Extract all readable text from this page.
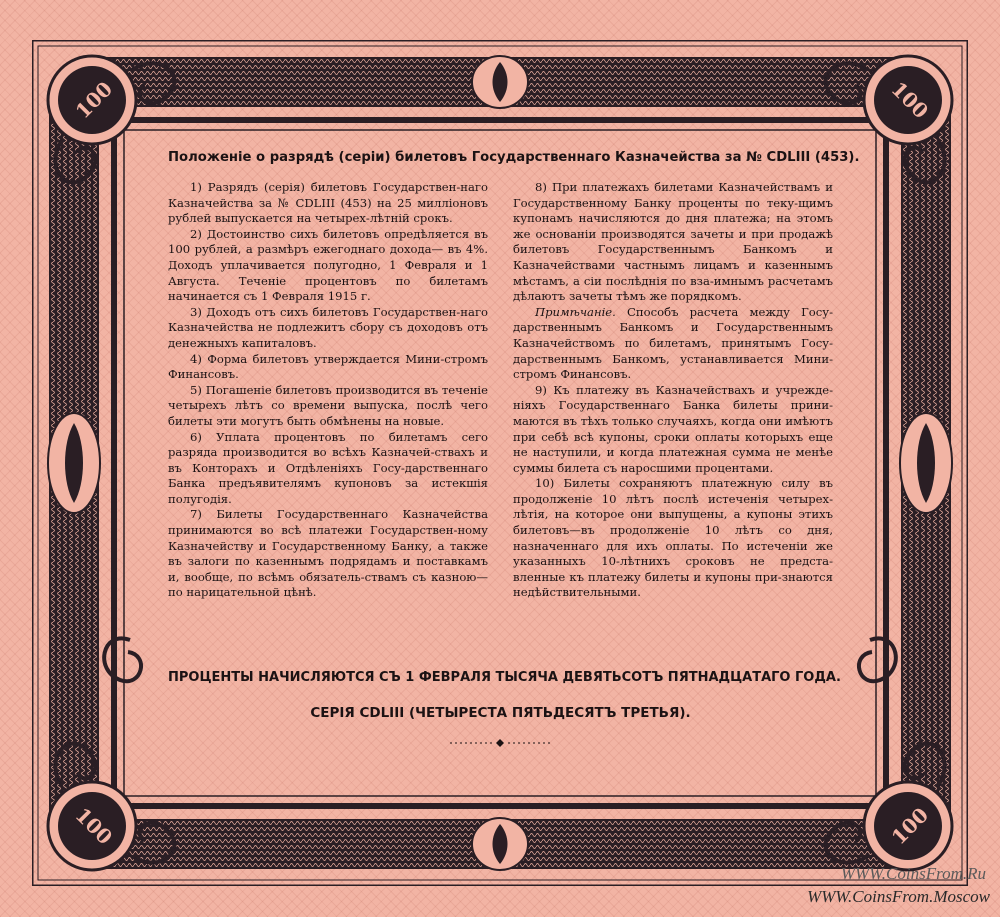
100	100
100	100
Положенiе о разрядѣ (серiи) билетовъ Государственнаго Казначейства за № CDLIII (453).

1) Разрядъ (серiя) билетовъ Государствен-наго Казначейства за № CDLIII (453) на 25 миллiоновъ рублей выпускается на четырех-лѣтнiй срокъ.

2) Достоинство сихъ билетовъ опредѣляется въ 100 рублей, а размѣръ ежегоднаго дохода— въ 4%. Доходъ уплачивается полугодно, 1 Февраля и 1 Августа. Теченiе процентовъ по билетамъ начинается съ 1 Февраля 1915 г.

3) Доходъ отъ сихъ билетовъ Государствен-наго Казначейства не подлежитъ сбору съ доходовъ отъ денежныхъ капиталовъ.

4) Форма билетовъ утверждается Мини-стромъ Финансовъ.

5) Погашенiе билетовъ производится въ теченiе четырехъ лѣтъ со времени выпуска, послѣ чего билеты эти могутъ быть обмѣнены на новые.

6) Уплата процентовъ по билетамъ сего разряда производится во всѣхъ Казначей-ствахъ и въ Конторахъ и Отдѣленiяхъ Госу-дарственнаго Банка предъявителямъ купоновъ за истекшiя полугодiя.

7) Билеты Государственнаго Казначейства принимаются во всѣ платежи Государствен-ному Казначейству и Государственному Банку, а также въ залоги по казеннымъ подрядамъ и поставкамъ и, вообще, по всѣмъ обязатель-ствамъ съ казною—по нарицательной цѣнѣ.

8) При платежахъ билетами Казначействамъ и Государственному Банку проценты по теку-щимъ купонамъ начисляются до дня платежа; на этомъ же основанiи производятся зачеты и при продажѣ билетовъ Государственнымъ Банкомъ и Казначействами частнымъ лицамъ и казеннымъ мѣстамъ, а сiи послѣднiя по вза-имнымъ расчетамъ дѣлаютъ зачеты тѣмъ же порядкомъ.

Примѣчанiе. Способъ расчета между Госу-дарственнымъ Банкомъ и Государственнымъ Казначействомъ по билетамъ, принятымъ Госу-дарственнымъ Банкомъ, устанавливается Мини-стромъ Финансовъ.

9) Къ платежу въ Казначействахъ и учрежде-нiяхъ Государственнаго Банка билеты прини-маются въ тѣхъ только случаяхъ, когда они имѣютъ при себѣ всѣ купоны, сроки оплаты которыхъ еще не наступили, и когда платежная сумма не менѣе суммы билета съ наросшими процентами.

10) Билеты сохраняютъ платежную силу въ продолженiе 10 лѣтъ послѣ истеченiя четырех-лѣтiя, на которое они выпущены, а купоны этихъ билетовъ—въ продолженiе 10 лѣтъ со дня, назначеннаго для ихъ оплаты. По истеченiи же указанныхъ 10-лѣтнихъ сроковъ не предста-вленные къ платежу билеты и купоны при-знаются недѣйствительными.

ПРОЦЕНТЫ НАЧИСЛЯЮТСЯ СЪ 1 ФЕВРАЛЯ ТЫСЯЧА ДЕВЯТЬСОТЪ ПЯТНАДЦАТАГО ГОДА.
СЕРIЯ CDLIII (ЧЕТЫРЕСТА ПЯТЬДЕСЯТЪ ТРЕТЬЯ).
WWW.CoinsFrom.Ru
WWW.CoinsFrom.Moscow
